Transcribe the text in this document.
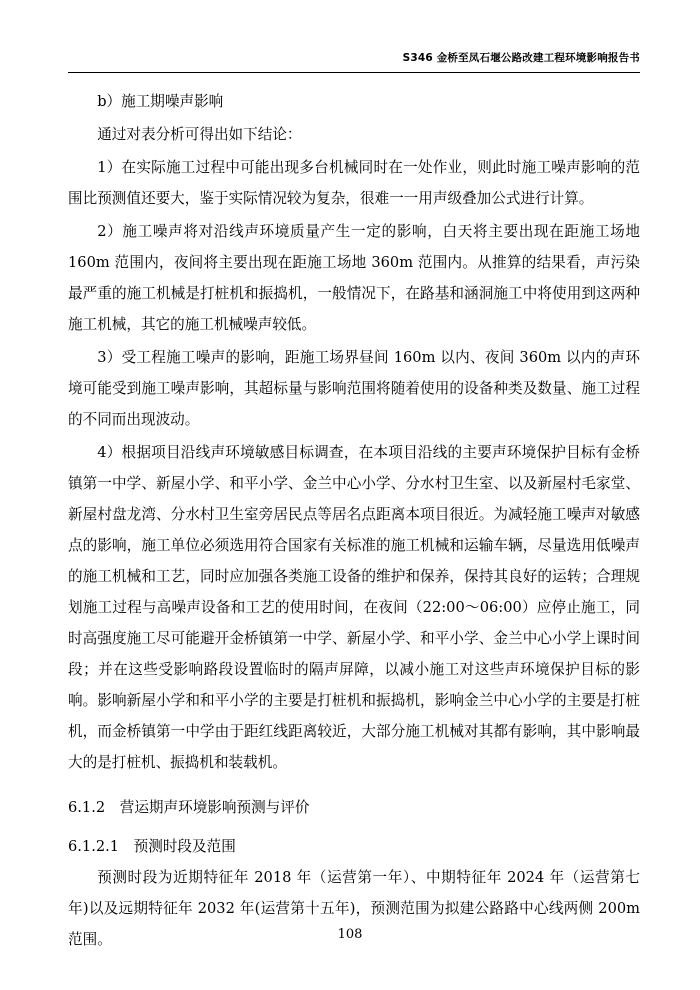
S346 金桥至凤石堰公路改建工程环境影响报告书

b）施工期噪声影响

通过对表分析可得出如下结论：

1）在实际施工过程中可能出现多台机械同时在一处作业，则此时施工噪声影响的范围比预测值还要大，鉴于实际情况较为复杂，很难一一用声级叠加公式进行计算。

2）施工噪声将对沿线声环境质量产生一定的影响，白天将主要出现在距施工场地160m 范围内，夜间将主要出现在距施工场地 360m 范围内。从推算的结果看，声污染最严重的施工机械是打桩机和振捣机，一般情况下，在路基和涵洞施工中将使用到这两种施工机械，其它的施工机械噪声较低。

3）受工程施工噪声的影响，距施工场界昼间 160m 以内、夜间 360m 以内的声环境可能受到施工噪声影响，其超标量与影响范围将随着使用的设备种类及数量、施工过程的不同而出现波动。

4）根据项目沿线声环境敏感目标调查，在本项目沿线的主要声环境保护目标有金桥镇第一中学、新屋小学、和平小学、金兰中心小学、分水村卫生室、以及新屋村毛家堂、新屋村盘龙湾、分水村卫生室旁居民点等居名点距离本项目很近。为减轻施工噪声对敏感点的影响，施工单位必须选用符合国家有关标准的施工机械和运输车辆，尽量选用低噪声的施工机械和工艺，同时应加强各类施工设备的维护和保养，保持其良好的运转；合理规划施工过程与高噪声设备和工艺的使用时间，在夜间（22:00～06:00）应停止施工，同时高强度施工尽可能避开金桥镇第一中学、新屋小学、和平小学、金兰中心小学上课时间段；并在这些受影响路段设置临时的隔声屏障，以减小施工对这些声环境保护目标的影响。影响新屋小学和和平小学的主要是打桩机和振捣机，影响金兰中心小学的主要是打桩机，而金桥镇第一中学由于距红线距离较近，大部分施工机械对其都有影响，其中影响最大的是打桩机、振捣机和装载机。

6.1.2　营运期声环境影响预测与评价

6.1.2.1　预测时段及范围

预测时段为近期特征年 2018 年（运营第一年）、中期特征年 2024 年（运营第七年)以及远期特征年 2032 年(运营第十五年)，预测范围为拟建公路路中心线两侧 200m 范围。	108
